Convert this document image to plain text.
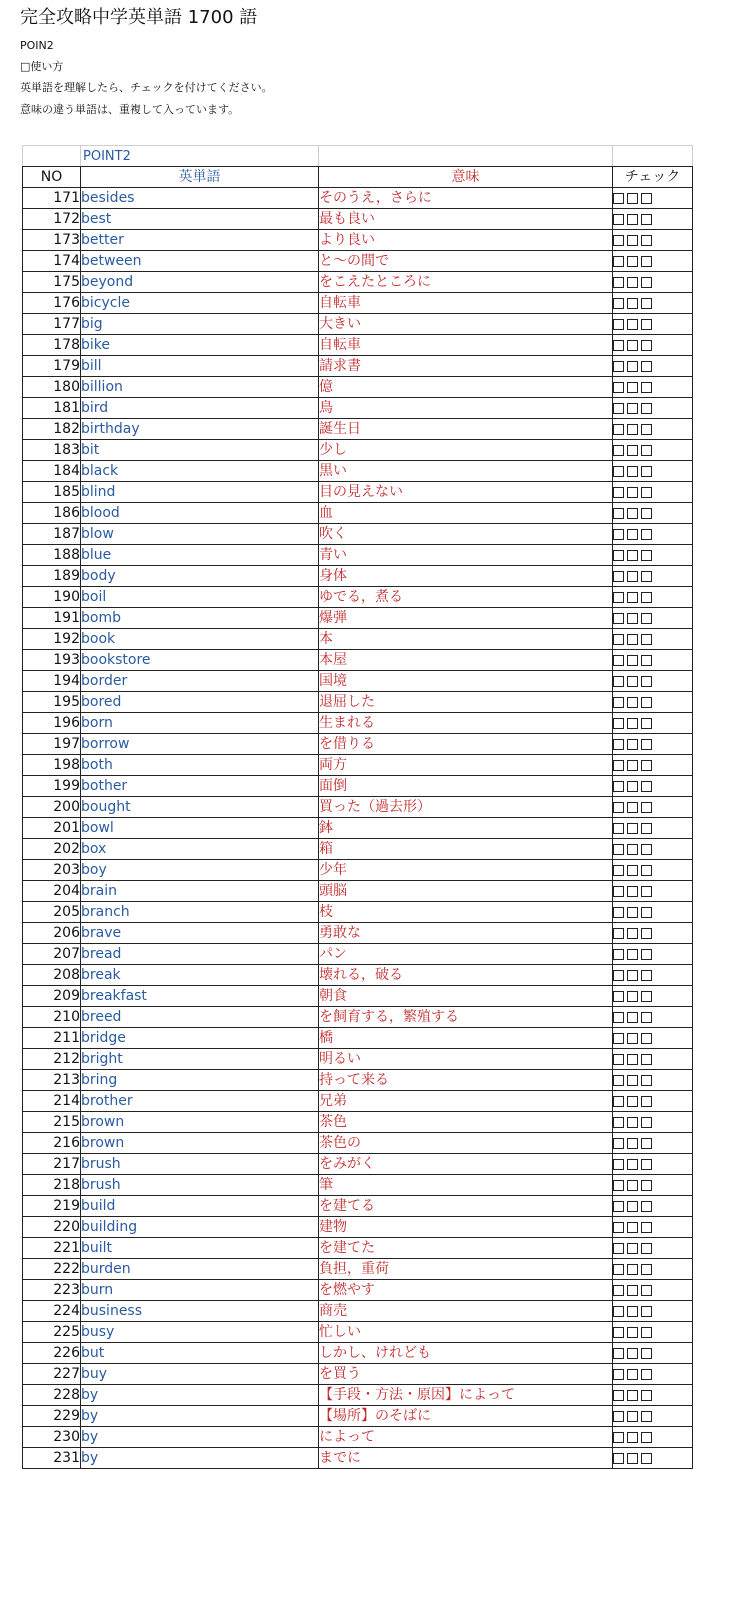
完全攻略中学英単語 1700 語
POIN2
□使い方
英単語を理解したら、チェックを付けてください。
意味の違う単語は、重複して入っています。
	POINT2		
NO	英単語	意味	チェック
171	besides	そのうえ，さらに	
172	best	最も良い	
173	better	より良い	
174	between	と～の間で	
175	beyond	をこえたところに	
176	bicycle	自転車	
177	big	大きい	
178	bike	自転車	
179	bill	請求書	
180	billion	億	
181	bird	鳥	
182	birthday	誕生日	
183	bit	少し	
184	black	黒い	
185	blind	目の見えない	
186	blood	血	
187	blow	吹く	
188	blue	青い	
189	body	身体	
190	boil	ゆでる，煮る	
191	bomb	爆弾	
192	book	本	
193	bookstore	本屋	
194	border	国境	
195	bored	退屈した	
196	born	生まれる	
197	borrow	を借りる	
198	both	両方	
199	bother	面倒	
200	bought	買った（過去形）	
201	bowl	鉢	
202	box	箱	
203	boy	少年	
204	brain	頭脳	
205	branch	枝	
206	brave	勇敢な	
207	bread	パン	
208	break	壊れる，破る	
209	breakfast	朝食	
210	breed	を飼育する，繁殖する	
211	bridge	橋	
212	bright	明るい	
213	bring	持って来る	
214	brother	兄弟	
215	brown	茶色	
216	brown	茶色の	
217	brush	をみがく	
218	brush	筆	
219	build	を建てる	
220	building	建物	
221	built	を建てた	
222	burden	負担，重荷	
223	burn	を燃やす	
224	business	商売	
225	busy	忙しい	
226	but	しかし、けれども	
227	buy	を買う	
228	by	【手段・方法・原因】によって	
229	by	【場所】のそばに	
230	by	によって	
231	by	までに	
